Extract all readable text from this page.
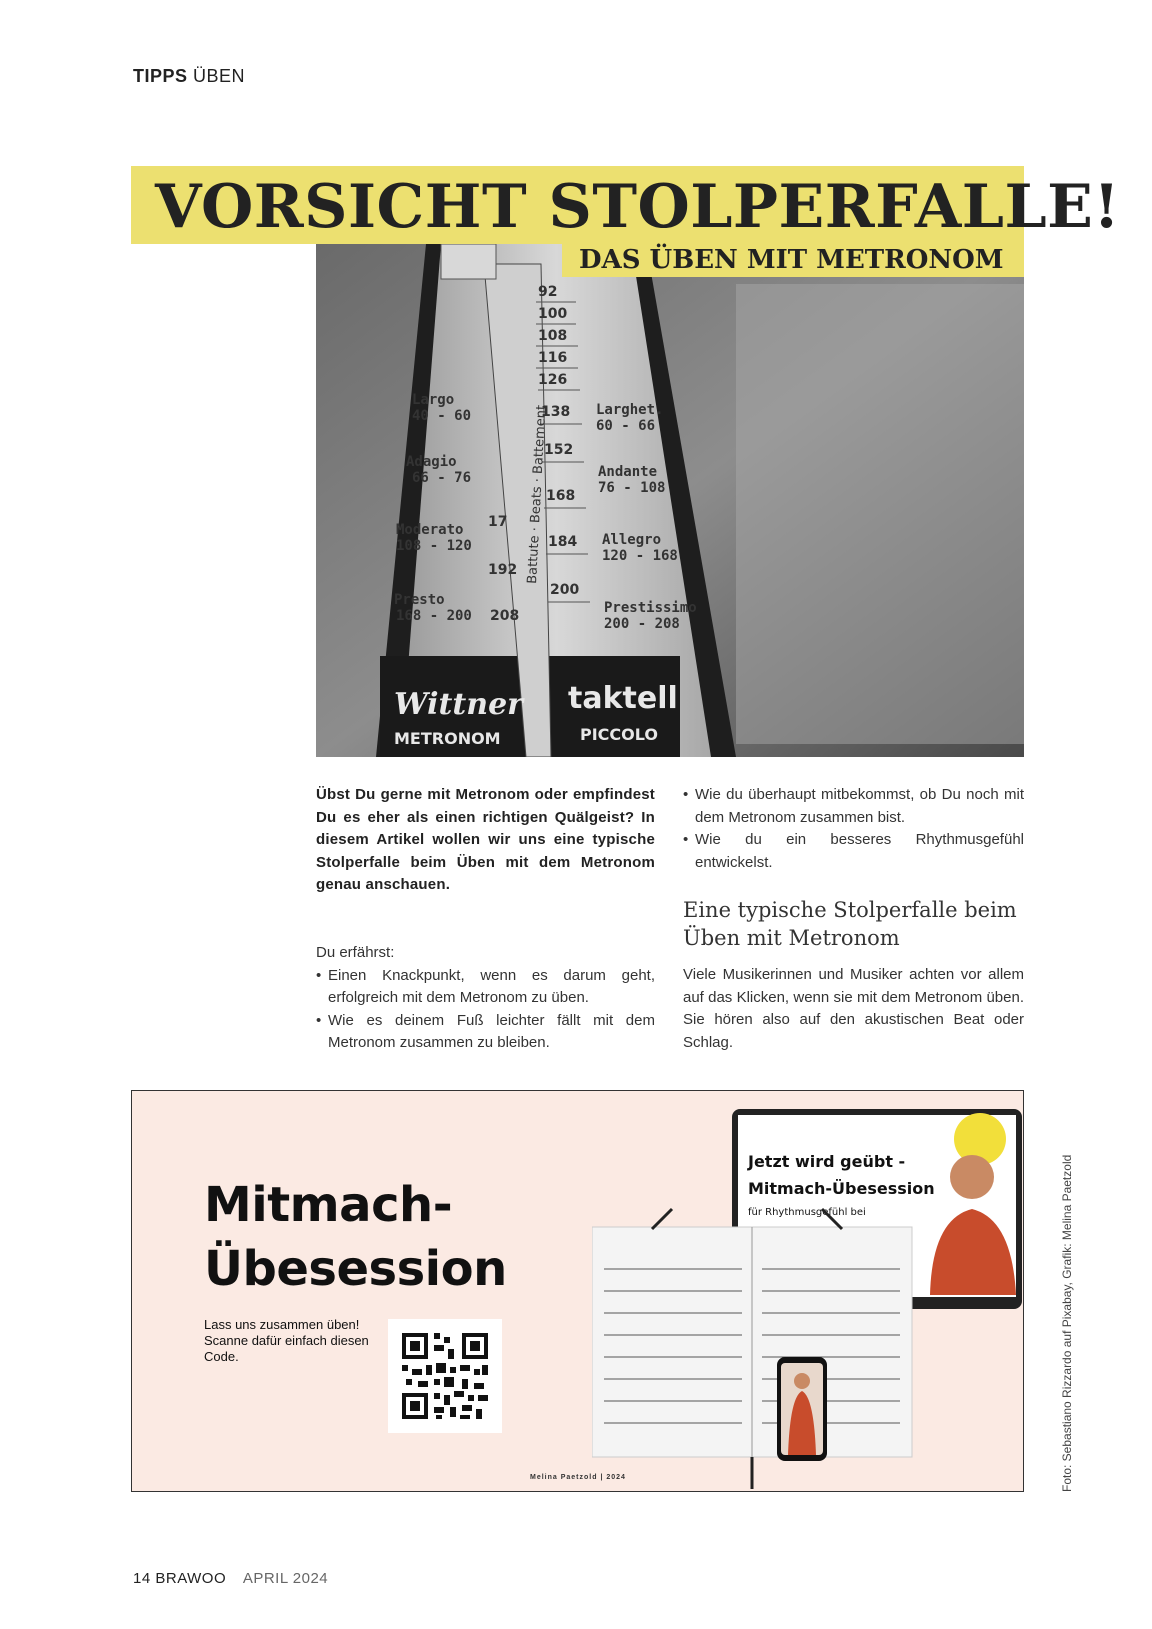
TIPPS ÜBEN
92
100
108
116
126
138
152
168
184
200
17
192
208
Largo
40 - 60
Adagio
66 - 76
Moderato
108 - 120
Presto
168 - 200
Larghet.
60 - 66
Andante
76 - 108
Allegro
120 - 168
Prestissimo
200 - 208
Battute · Beats · Battement
Wittner
METRONOM
taktell
PICCOLO
VORSICHT STOLPERFALLE!
DAS ÜBEN MIT METRONOM
Übst Du gerne mit Metronom oder empfindest Du es eher als einen richtigen Quälgeist? In diesem Artikel wollen wir uns eine typische Stolperfalle beim Üben mit dem Metronom genau anschauen.
Du erfährst:
• Einen Knackpunkt, wenn es darum geht, erfolgreich mit dem Metronom zu üben.
• Wie es deinem Fuß leichter fällt mit dem Metronom zusammen zu bleiben.
• Wie du überhaupt mitbekommst, ob Du noch mit dem Metronom zusammen bist.
• Wie du ein besseres Rhythmusgefühl entwickelst.
Eine typische Stolperfalle beim Üben mit Metronom
Viele Musikerinnen und Musiker achten vor allem auf das Klicken, wenn sie mit dem Metronom üben. Sie hören also auf den akustischen Beat oder Schlag.
Mitmach-
Übesession
Lass uns zusammen üben! Scanne dafür einfach diesen Code.
Jetzt wird geübt -
Mitmach-Übesession
für Rhythmusgefühl bei
Melina Paetzold | 2024	Foto: Sebastiano Rizzardo auf Pixabay, Grafik: Melina Paetzold
14 BRAWOO APRIL 2024
